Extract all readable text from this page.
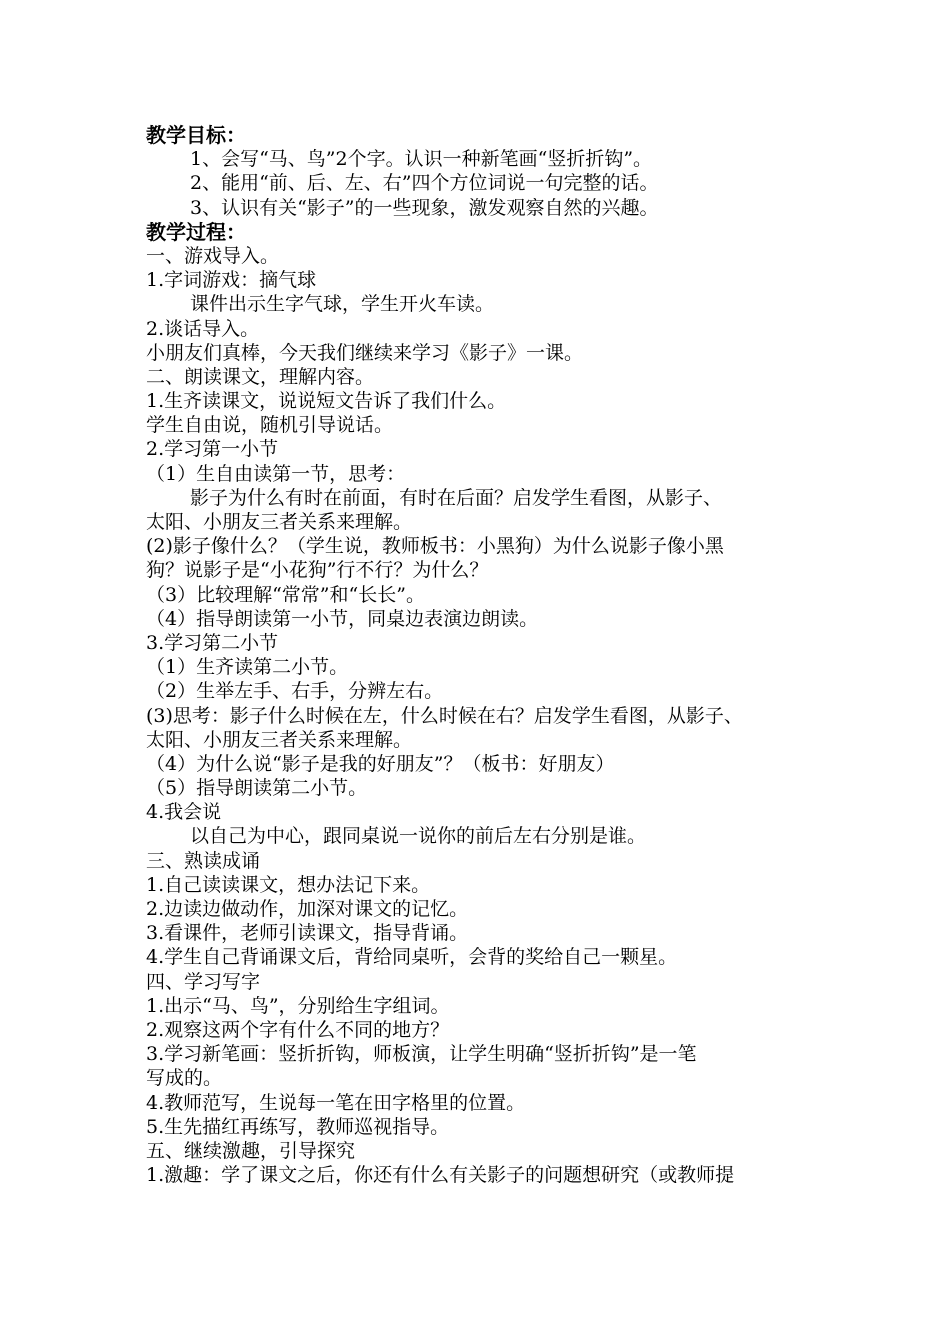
教学目标：
1、会写“马、鸟”2个字。认识一种新笔画“竖折折钩”。
2、能用“前、后、左、右”四个方位词说一句完整的话。
3、认识有关“影子”的一些现象，激发观察自然的兴趣。
教学过程：
一、游戏导入。
1.字词游戏：摘气球
课件出示生字气球，学生开火车读。
2.谈话导入。
小朋友们真棒，今天我们继续来学习《影子》一课。
二、朗读课文，理解内容。
1.生齐读课文，说说短文告诉了我们什么。
学生自由说，随机引导说话。
2.学习第一小节
（1）生自由读第一节，思考：
影子为什么有时在前面，有时在后面？启发学生看图，从影子、
太阳、小朋友三者关系来理解。
(2)影子像什么？（学生说，教师板书：小黑狗）为什么说影子像小黑
狗？说影子是“小花狗”行不行？为什么？
（3）比较理解“常常”和“长长”。
（4）指导朗读第一小节，同桌边表演边朗读。
3.学习第二小节
（1）生齐读第二小节。
（2）生举左手、右手，分辨左右。
(3)思考：影子什么时候在左，什么时候在右？启发学生看图，从影子、
太阳、小朋友三者关系来理解。
（4）为什么说“影子是我的好朋友”？（板书：好朋友）
（5）指导朗读第二小节。
4.我会说
以自己为中心，跟同桌说一说你的前后左右分别是谁。
三、熟读成诵
1.自己读读课文，想办法记下来。
2.边读边做动作，加深对课文的记忆。
3.看课件，老师引读课文，指导背诵。
4.学生自己背诵课文后，背给同桌听，会背的奖给自己一颗星。
四、学习写字
1.出示“马、鸟”，分别给生字组词。
2.观察这两个字有什么不同的地方？
3.学习新笔画：竖折折钩，师板演，让学生明确“竖折折钩”是一笔
写成的。
4.教师范写，生说每一笔在田字格里的位置。
5.生先描红再练写，教师巡视指导。
五、继续激趣，引导探究
1.激趣：学了课文之后，你还有什么有关影子的问题想研究（或教师提
